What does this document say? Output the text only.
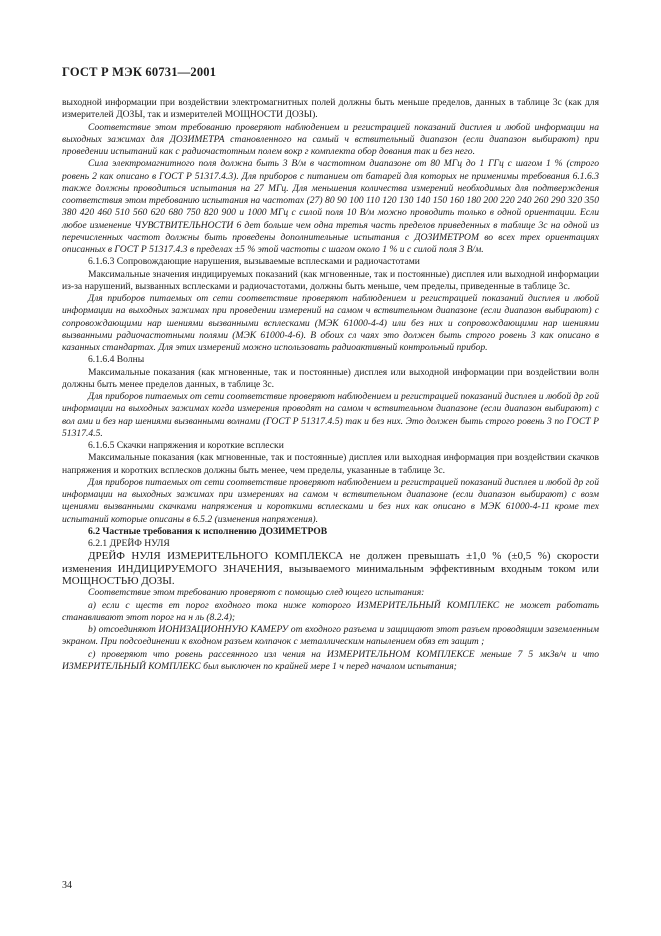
ГОСТ Р МЭК 60731—2001

выходной информации при воздействии электромагнитных полей должны быть меньше пределов, данных в таблице 3с (как для измерителей ДОЗЫ, так и измерителей МОЩНОСТИ ДОЗЫ).

Соответствие этом требованию проверяют наблюдением и регистрацией показаний дисплея и любой информации на выходных зажимах для ДОЗИМЕТРА становленного на самый ч вствительный диапазон (если диапазон выбирают) при проведении испытаний как с радиочастотным полем вокр г комплекта обор дования так и без него.

Сила электромагнитного поля должна быть 3 В/м в частотном диапазоне от 80 МГц до 1 ГГц с шагом 1 % (строго ровень 2 как описано в ГОСТ Р 51317.4.3). Для приборов с питанием от батарей для которых не применимы требования 6.1.6.3 также должны проводиться испытания на 27 МГц. Для меньшения количества измерений необходимых для подтверждения соответствия этом требованию испытания на частотах (27) 80 90 100 110 120 130 140 150 160 180 200 220 240 260 290 320 350 380 420 460 510 560 620 680 750 820 900 и 1000 МГц с силой поля 10 В/м можно проводить только в одной ориентации. Если любое изменение ЧУВСТВИТЕЛЬНОСТИ 6 дет больше чем одна третья часть пределов приведенных в таблице 3с на одной из перечисленных частот должны быть проведены дополнительные испытания с ДОЗИМЕТРОМ во всех трех ориентациях описанных в ГОСТ Р 51317.4.3 в пределах ±5 % этой частоты с шагом около 1 % и с силой поля 3 В/м.

6.1.6.3 Сопровождающие нарушения, вызываемые всплесками и радиочастотами

Максимальные значения индицируемых показаний (как мгновенные, так и постоянные) дисплея или выходной информации из-за нарушений, вызванных всплесками и радиочастотами, должны быть меньше, чем пределы, приведенные в таблице 3с.

Для приборов питаемых от сети соответствие проверяют наблюдением и регистрацией показаний дисплея и любой информации на выходных зажимах при проведении измерений на самом ч вствительном диапазоне (если диапазон выбирают) с сопровождающими нар шениями вызванными всплесками (МЭК 61000-4-4) или без них и сопровождающими нар шениями вызванными радиочастотными полями (МЭК 61000-4-6). В обоих сл чаях это должен быть строго ровень 3 как описано в казанных стандартах. Для этих измерений можно использовать радиоактивный контрольный прибор.

6.1.6.4 Волны

Максимальные показания (как мгновенные, так и постоянные) дисплея или выходной информации при воздействии волн должны быть менее пределов данных, в таблице 3с.

Для приборов питаемых от сети соответствие проверяют наблюдением и регистрацией показаний дисплея и любой др гой информации на выходных зажимах когда измерения проводят на самом ч вствительном диапазоне (если диапазон выбирают) с вол ами и без нар шениями вызванными волнами (ГОСТ Р 51317.4.5) так и без них. Это должен быть строго ровень 3 по ГОСТ Р 51317.4.5.

6.1.6.5 Скачки напряжения и короткие всплески

Максимальные показания (как мгновенные, так и постоянные) дисплея или выходная информация при воздействии скачков напряжения и коротких всплесков должны быть менее, чем пределы, указанные в таблице 3с.

Для приборов питаемых от сети соответствие проверяют наблюдением и регистрацией показаний дисплея и любой др гой информации на выходных зажимах при измерениях на самом ч вствительном диапазоне (если диапазон выбирают) с возм щениями вызванными скачками напряжения и короткими всплесками и без них как описано в МЭК 61000-4-11 кроме тех испытаний которые описаны в 6.5.2 (изменения напряжения).

6.2 Частные требования к исполнению ДОЗИМЕТРОВ

6.2.1 ДРЕЙФ НУЛЯ

ДРЕЙФ НУЛЯ ИЗМЕРИТЕЛЬНОГО КОМПЛЕКСА не должен превышать ±1,0 % (±0,5 %) скорости изменения ИНДИЦИРУЕМОГО ЗНАЧЕНИЯ, вызываемого минимальным эффективным входным током или МОЩНОСТЬЮ ДОЗЫ.

Соответствие этом требованию проверяют с помощью след ющего испытания:

a) если с ществ ет порог входного тока ниже которого ИЗМЕРИТЕЛЬНЫЙ КОМПЛЕКС не может работать станавливают этот порог на н ль (8.2.4);

b) отсоединяют ИОНИЗАЦИОННУЮ КАМЕРУ от входного разъема и защищают этот разъем проводящим заземленным экраном. При подсоединении к входном разъем колпачок с металлическим напылением обяз ет защит ;

c) проверяют что ровень рассеянного изл чения на ИЗМЕРИТЕЛЬНОМ КОМПЛЕКСЕ меньше 7 5 мкЗв/ч и что ИЗМЕРИТЕЛЬНЫЙ КОМПЛЕКС был выключен по крайней мере 1 ч перед началом испытания;

34
